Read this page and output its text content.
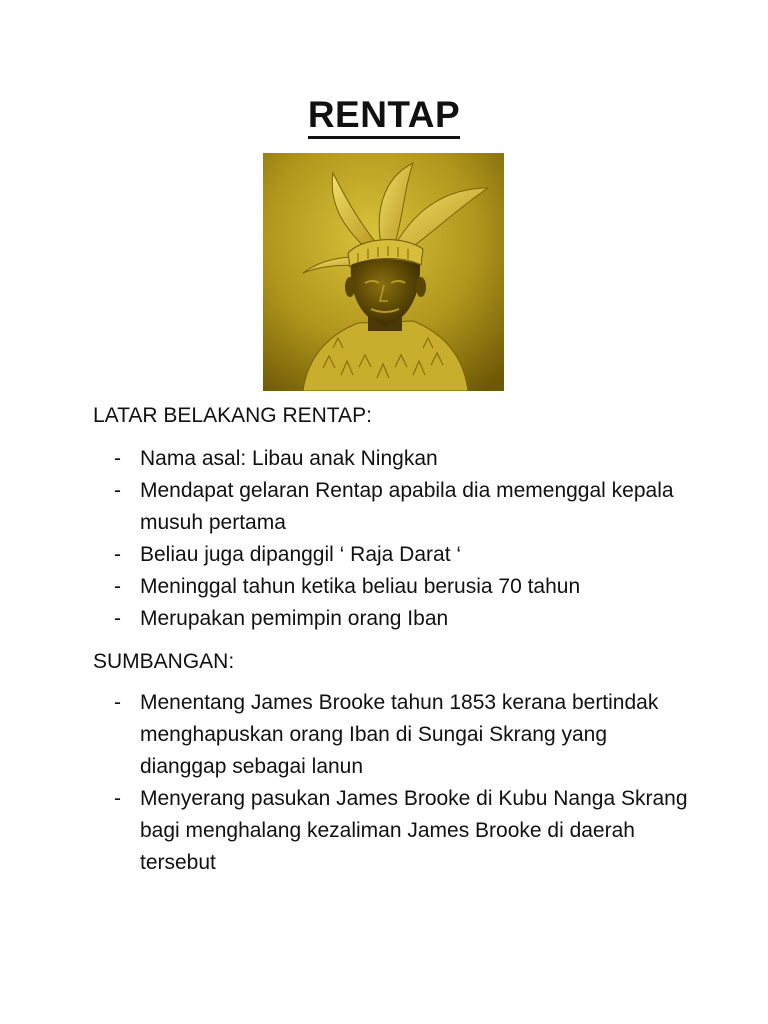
RENTAP
LATAR BELAKANG RENTAP:
- Nama asal: Libau anak Ningkan
- Mendapat gelaran Rentap apabila dia memenggal kepala musuh pertama
- Beliau juga dipanggil ‘ Raja Darat ‘
- Meninggal tahun ketika beliau berusia 70 tahun
- Merupakan pemimpin orang Iban
SUMBANGAN:
- Menentang James Brooke tahun 1853 kerana bertindak menghapuskan orang Iban di Sungai Skrang yang dianggap sebagai lanun
- Menyerang pasukan James Brooke di Kubu Nanga Skrang bagi menghalang kezaliman James Brooke di daerah tersebut
